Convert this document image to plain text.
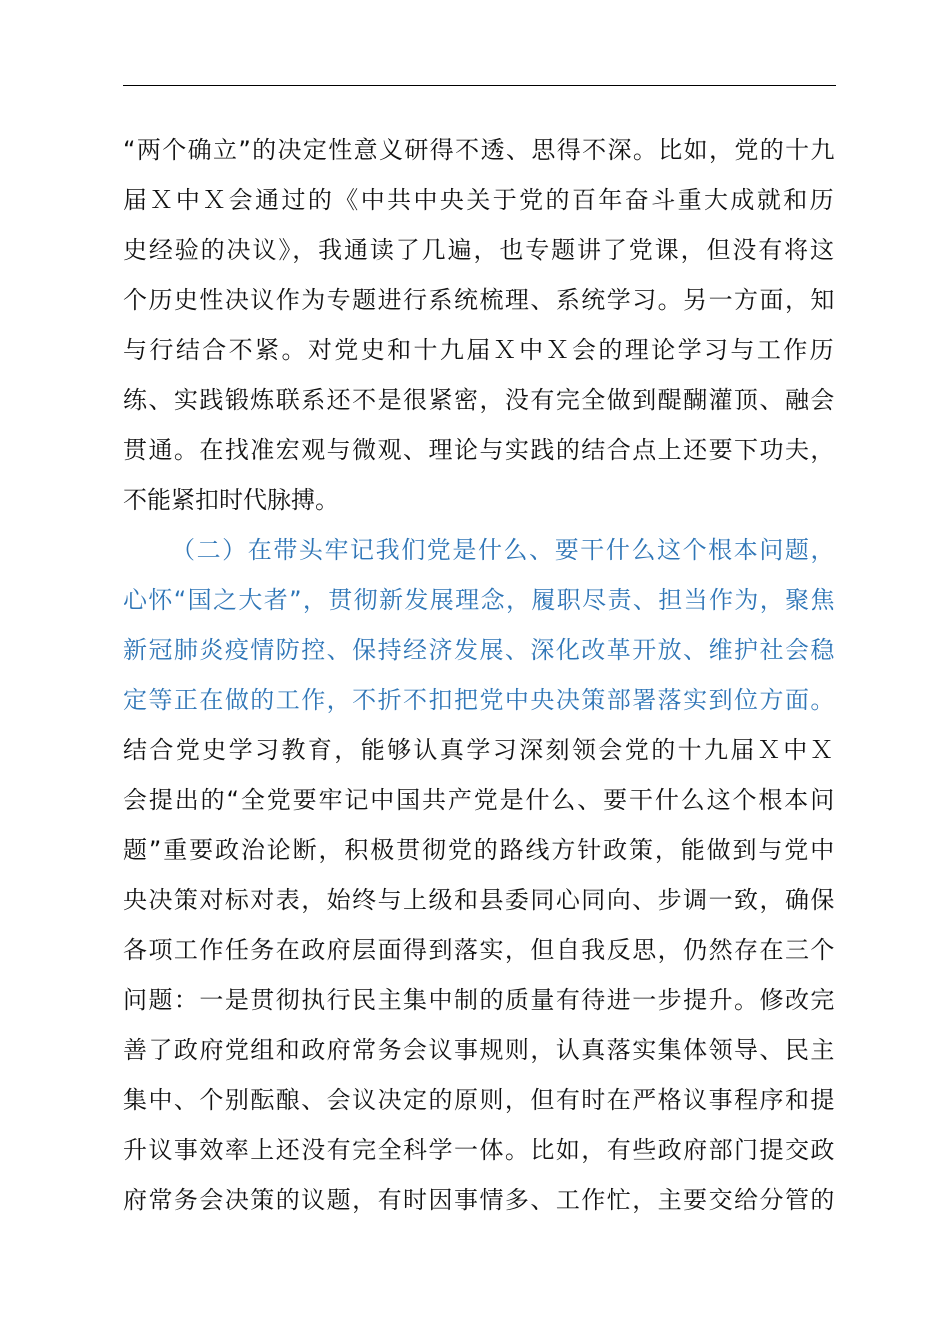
“两个确立”的决定性意义研得不透、思得不深。比如，党的十九
届Ｘ中Ｘ会通过的《中共中央关于党的百年奋斗重大成就和历
史经验的决议》，我通读了几遍，也专题讲了党课，但没有将这
个历史性决议作为专题进行系统梳理、系统学习。另一方面，知
与行结合不紧。对党史和十九届Ｘ中Ｘ会的理论学习与工作历
练、实践锻炼联系还不是很紧密，没有完全做到醍醐灌顶、融会
贯通。在找准宏观与微观、理论与实践的结合点上还要下功夫，
不能紧扣时代脉搏。
（二）在带头牢记我们党是什么、要干什么这个根本问题，
心怀“国之大者”，贯彻新发展理念，履职尽责、担当作为，聚焦
新冠肺炎疫情防控、保持经济发展、深化改革开放、维护社会稳
定等正在做的工作，不折不扣把党中央决策部署落实到位方面。
结合党史学习教育，能够认真学习深刻领会党的十九届Ｘ中Ｘ
会提出的“全党要牢记中国共产党是什么、要干什么这个根本问
题”重要政治论断，积极贯彻党的路线方针政策，能做到与党中
央决策对标对表，始终与上级和县委同心同向、步调一致，确保
各项工作任务在政府层面得到落实，但自我反思，仍然存在三个
问题：一是贯彻执行民主集中制的质量有待进一步提升。修改完
善了政府党组和政府常务会议事规则，认真落实集体领导、民主
集中、个别酝酿、会议决定的原则，但有时在严格议事程序和提
升议事效率上还没有完全科学一体。比如，有些政府部门提交政
府常务会决策的议题，有时因事情多、工作忙，主要交给分管的
